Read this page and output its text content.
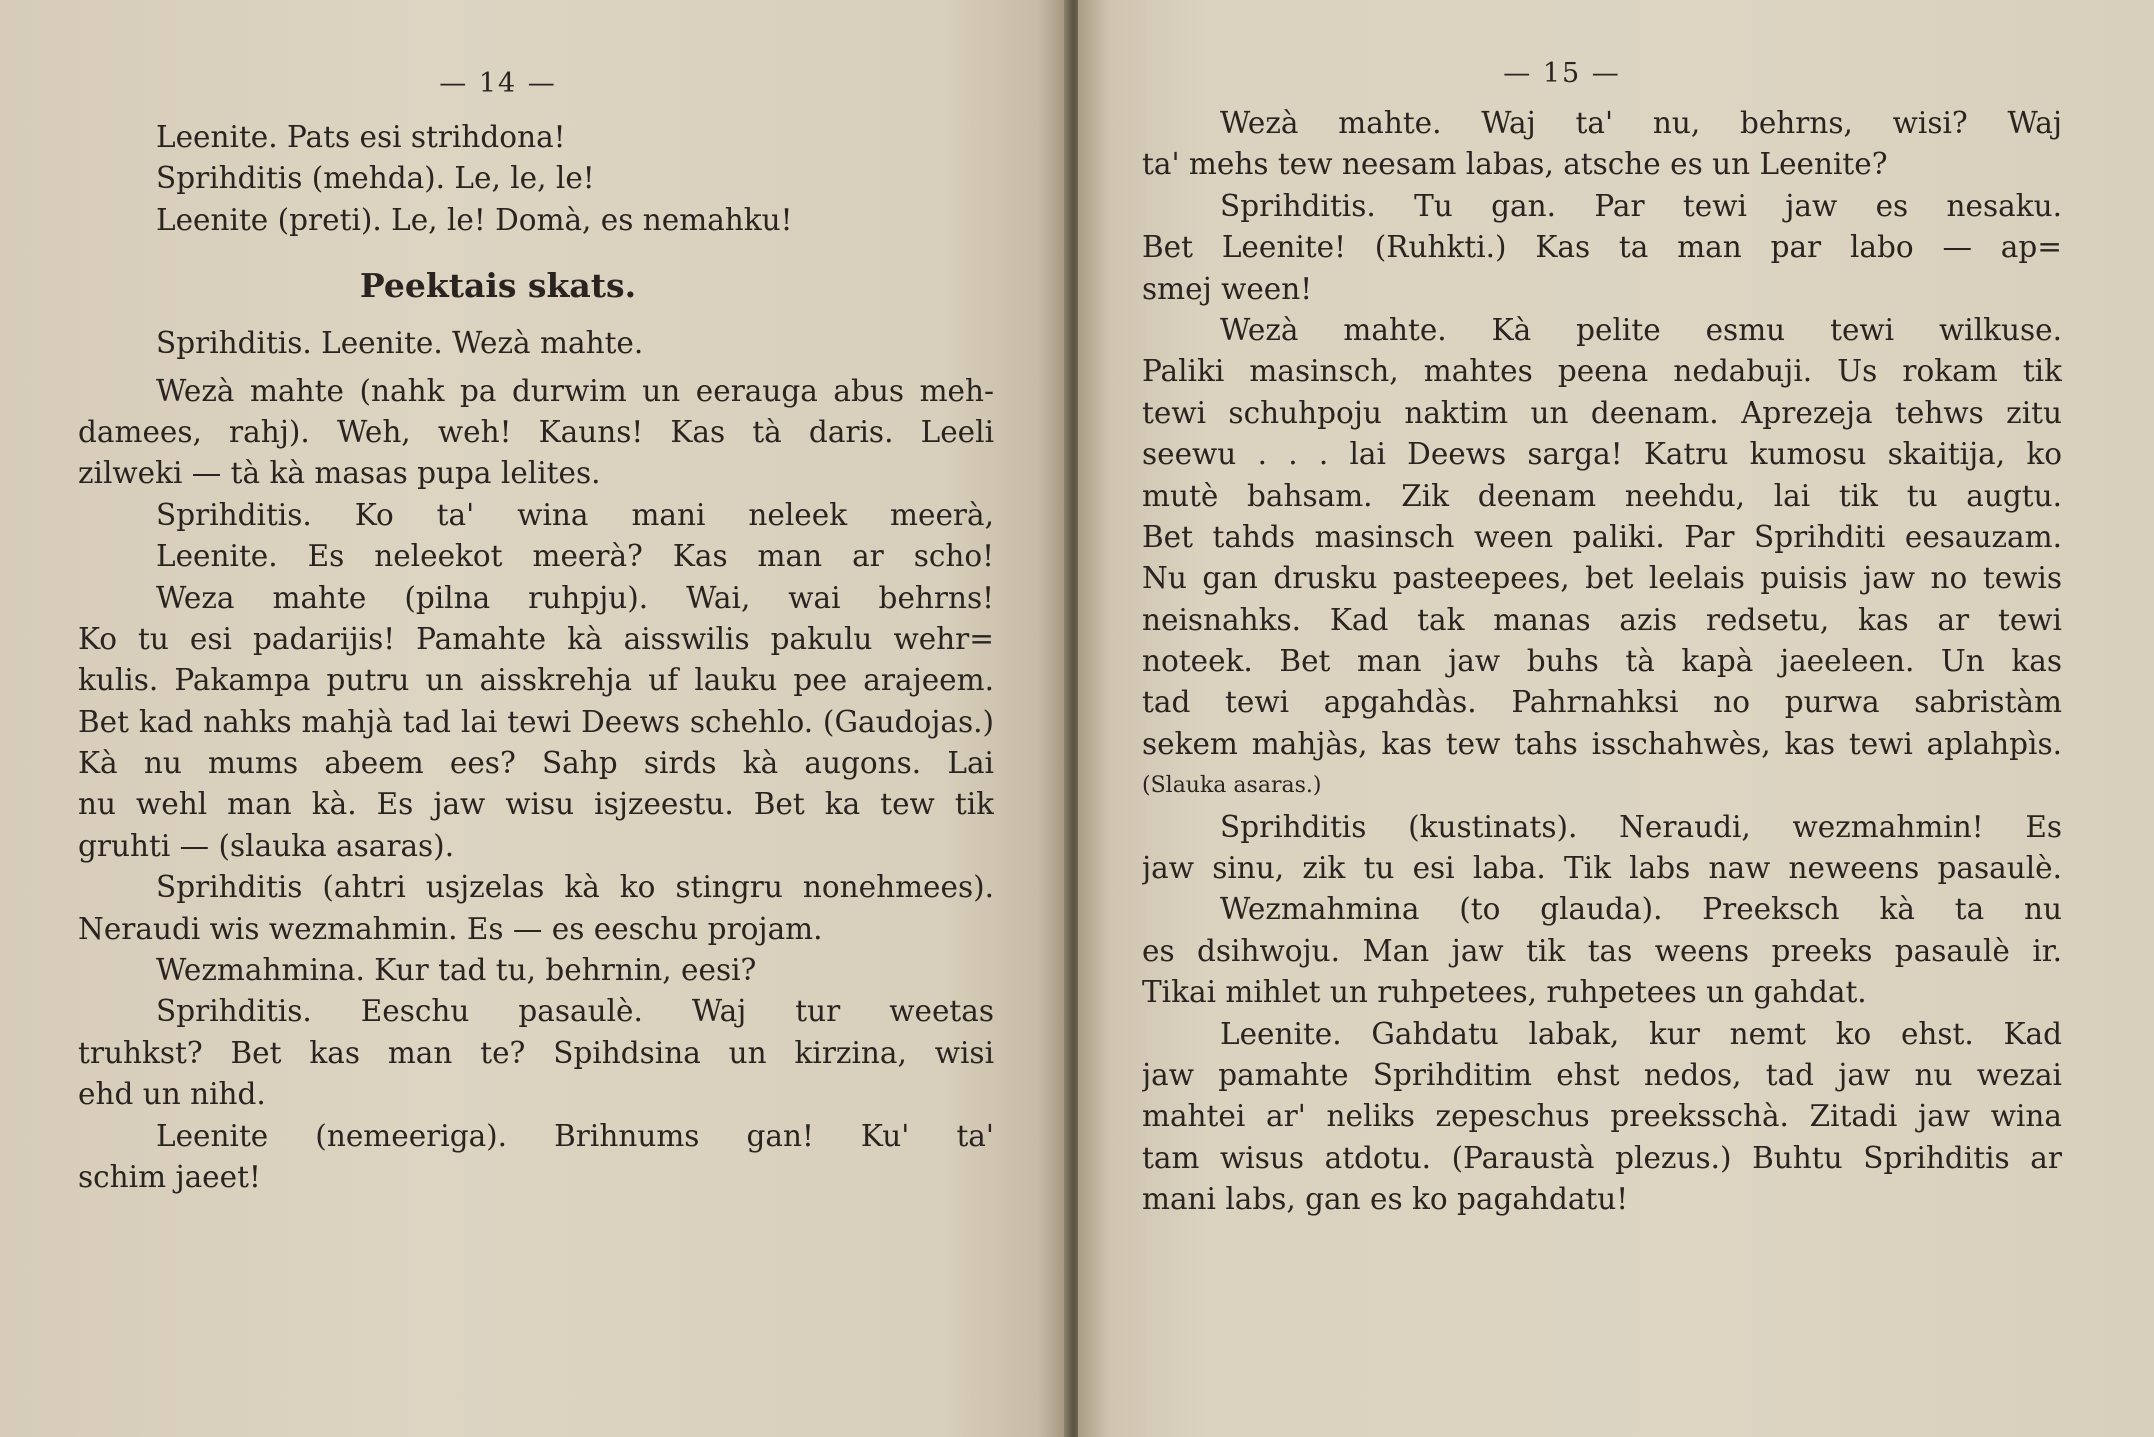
— 14 —
Leenite. Pats esi strihdona!
Sprihditis (mehda). Le, le, le!
Leenite (preti). Le, le! Domà, es nemahku!
Peektais skats.
Sprihditis. Leenite. Wezà mahte.
Wezà mahte (nahk pa durwim un eerauga abus meh-
damees, rahj). Weh, weh! Kauns! Kas tà daris. Leeli
zilweki — tà kà masas pupa lelites.
Sprihditis. Ko ta' wina mani neleek meerà,
Leenite. Es neleekot meerà? Kas man ar scho!
Weza mahte (pilna ruhpju). Wai, wai behrns!
Ko tu esi padarijis! Pamahte kà aisswilis pakulu wehr=
kulis. Pakampa putru un aisskrehja uf lauku pee arajeem.
Bet kad nahks mahjà tad lai tewi Deews schehlo. (Gaudojas.)
Kà nu mums abeem ees? Sahp sirds kà augons. Lai
nu wehl man kà. Es jaw wisu isjzeestu. Bet ka tew tik
gruhti — (slauka asaras).
Sprihditis (ahtri usjzelas kà ko stingru nonehmees).
Neraudi wis wezmahmin. Es — es eeschu projam.
Wezmahmina. Kur tad tu, behrnin, eesi?
Sprihditis. Eeschu pasaulè. Waj tur weetas
truhkst? Bet kas man te? Spihdsina un kirzina, wisi
ehd un nihd.
Leenite (nemeeriga). Brihnums gan! Ku' ta'
schim jaeet!
— 15 —
Wezà mahte. Waj ta' nu, behrns, wisi? Waj
ta' mehs tew neesam labas, atsche es un Leenite?
Sprihditis. Tu gan. Par tewi jaw es nesaku.
Bet Leenite! (Ruhkti.) Kas ta man par labo — ap=
smej ween!
Wezà mahte. Kà pelite esmu tewi wilkuse.
Paliki masinsch, mahtes peena nedabuji. Us rokam tik
tewi schuhpoju naktim un deenam. Aprezeja tehws zitu
seewu . . . lai Deews sarga! Katru kumosu skaitija, ko
mutè bahsam. Zik deenam neehdu, lai tik tu augtu.
Bet tahds masinsch ween paliki. Par Sprihditi eesauzam.
Nu gan drusku pasteepees, bet leelais puisis jaw no tewis
neisnahks. Kad tak manas azis redsetu, kas ar tewi
noteek. Bet man jaw buhs tà kapà jaeeleen. Un kas
tad tewi apgahdàs. Pahrnahksi no purwa sabristàm
sekem mahjàs, kas tew tahs isschahwès, kas tewi aplahpìs.
(Slauka asaras.)
Sprihditis (kustinats). Neraudi, wezmahmin! Es
jaw sinu, zik tu esi laba. Tik labs naw neweens pasaulè.
Wezmahmina (to glauda). Preeksch kà ta nu
es dsihwoju. Man jaw tik tas weens preeks pasaulè ir.
Tikai mihlet un ruhpetees, ruhpetees un gahdat.
Leenite. Gahdatu labak, kur nemt ko ehst. Kad
jaw pamahte Sprihditim ehst nedos, tad jaw nu wezai
mahtei ar' neliks zepeschus preeksschà. Zitadi jaw wina
tam wisus atdotu. (Paraustà plezus.) Buhtu Sprihditis ar
mani labs, gan es ko pagahdatu!
